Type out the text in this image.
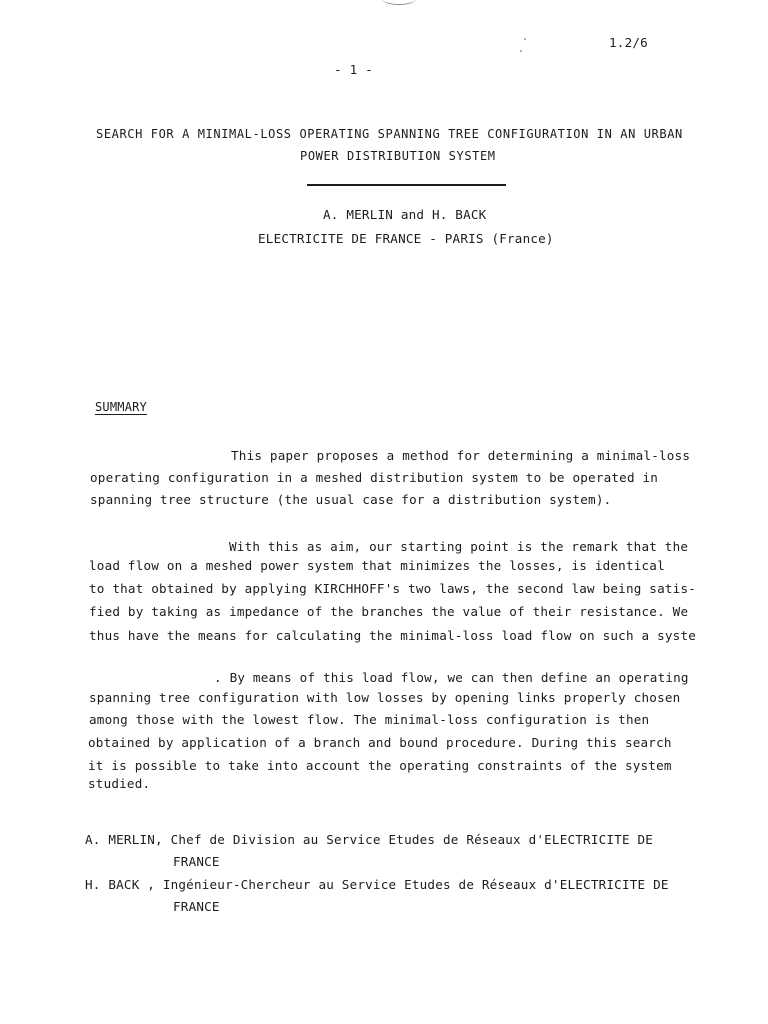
1.2/6
- 1 -
SEARCH FOR A MINIMAL-LOSS OPERATING SPANNING TREE CONFIGURATION IN AN URBAN
POWER DISTRIBUTION SYSTEM
A. MERLIN and H. BACK
ELECTRICITE DE FRANCE - PARIS (France)
SUMMARY
This paper proposes a method for determining a minimal-loss
operating configuration in a meshed distribution system to be operated in
spanning tree structure (the usual case for a distribution system).
With this as aim, our starting point is the remark that the
load flow on a meshed power system that minimizes the losses, is identical
to that obtained by applying KIRCHHOFF's two laws, the second law being satis-
fied by taking as impedance of the branches the value of their resistance. We
thus have the means for calculating the minimal-loss load flow on such a syste
. By means of this load flow, we can then define an operating
spanning tree configuration with low losses by opening links properly chosen
among those with the lowest flow. The minimal-loss configuration is then
obtained by application of a branch and bound procedure. During this search
it is possible to take into account the operating constraints of the system
studied.
A. MERLIN, Chef de Division au Service Etudes de Réseaux d'ELECTRICITE DE
FRANCE
H. BACK , Ingénieur-Chercheur au Service Etudes de Réseaux d'ELECTRICITE DE
FRANCE
